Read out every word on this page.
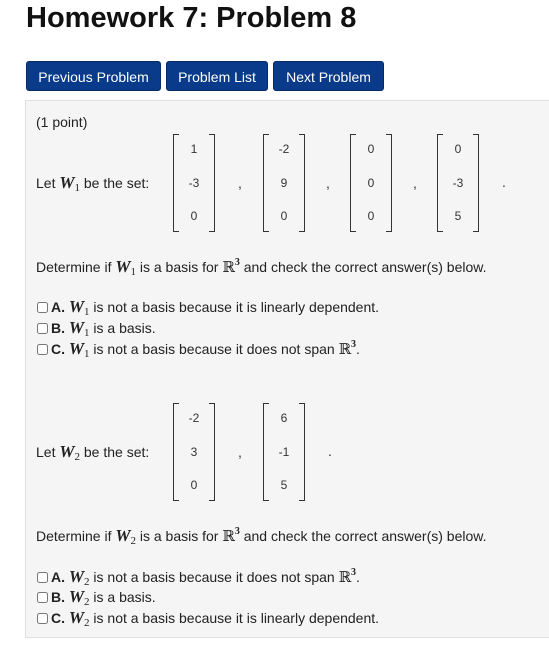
Homework 7: Problem 8
Previous Problem	Problem List	Next Problem
(1 point)
Let W1 be the set:
1
-3
0
,
-2
9
0
,
0
0
0
,
0
-3
5
.
Determine if W1 is a basis for ℝ$^3$ and check the correct answer(s) below.
A. W1 is not a basis because it is linearly dependent.
B. W1 is a basis.
C. W1 is not a basis because it does not span ℝ$^3$.
Let W2 be the set:
-2
3
0
,
6
-1
5
.
Determine if W2 is a basis for ℝ$^3$ and check the correct answer(s) below.
A. W2 is not a basis because it does not span ℝ$^3$.
B. W2 is a basis.
C. W2 is not a basis because it is linearly dependent.
